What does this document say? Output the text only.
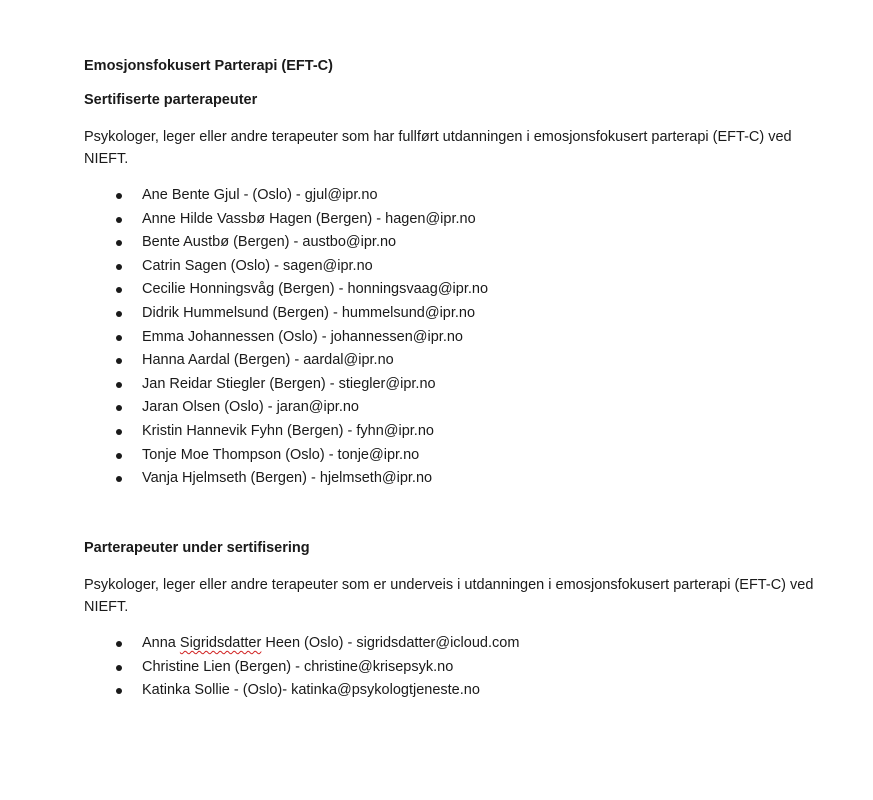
Emosjonsfokusert Parterapi (EFT-C)
Sertifiserte parterapeuter
Psykologer, leger eller andre terapeuter som har fullført utdanningen i emosjonsfokusert parterapi (EFT-C) ved NIEFT.
Ane Bente Gjul - (Oslo) - gjul@ipr.no
Anne Hilde Vassbø Hagen (Bergen) - hagen@ipr.no
Bente Austbø (Bergen) - austbo@ipr.no
Catrin Sagen (Oslo) - sagen@ipr.no
Cecilie Honningsvåg (Bergen) - honningsvaag@ipr.no
Didrik Hummelsund (Bergen) - hummelsund@ipr.no
Emma Johannessen (Oslo) - johannessen@ipr.no
Hanna Aardal (Bergen) - aardal@ipr.no
Jan Reidar Stiegler (Bergen) - stiegler@ipr.no
Jaran Olsen (Oslo) - jaran@ipr.no
Kristin Hannevik Fyhn (Bergen) - fyhn@ipr.no
Tonje Moe Thompson (Oslo) - tonje@ipr.no
Vanja Hjelmseth (Bergen) - hjelmseth@ipr.no
Parterapeuter under sertifisering
Psykologer, leger eller andre terapeuter som er underveis i utdanningen i emosjonsfokusert parterapi (EFT-C) ved NIEFT.
Anna Sigridsdatter Heen (Oslo) - sigridsdatter@icloud.com
Christine Lien (Bergen) - christine@krisepsyk.no
Katinka Sollie - (Oslo)- katinka@psykologtjeneste.no
